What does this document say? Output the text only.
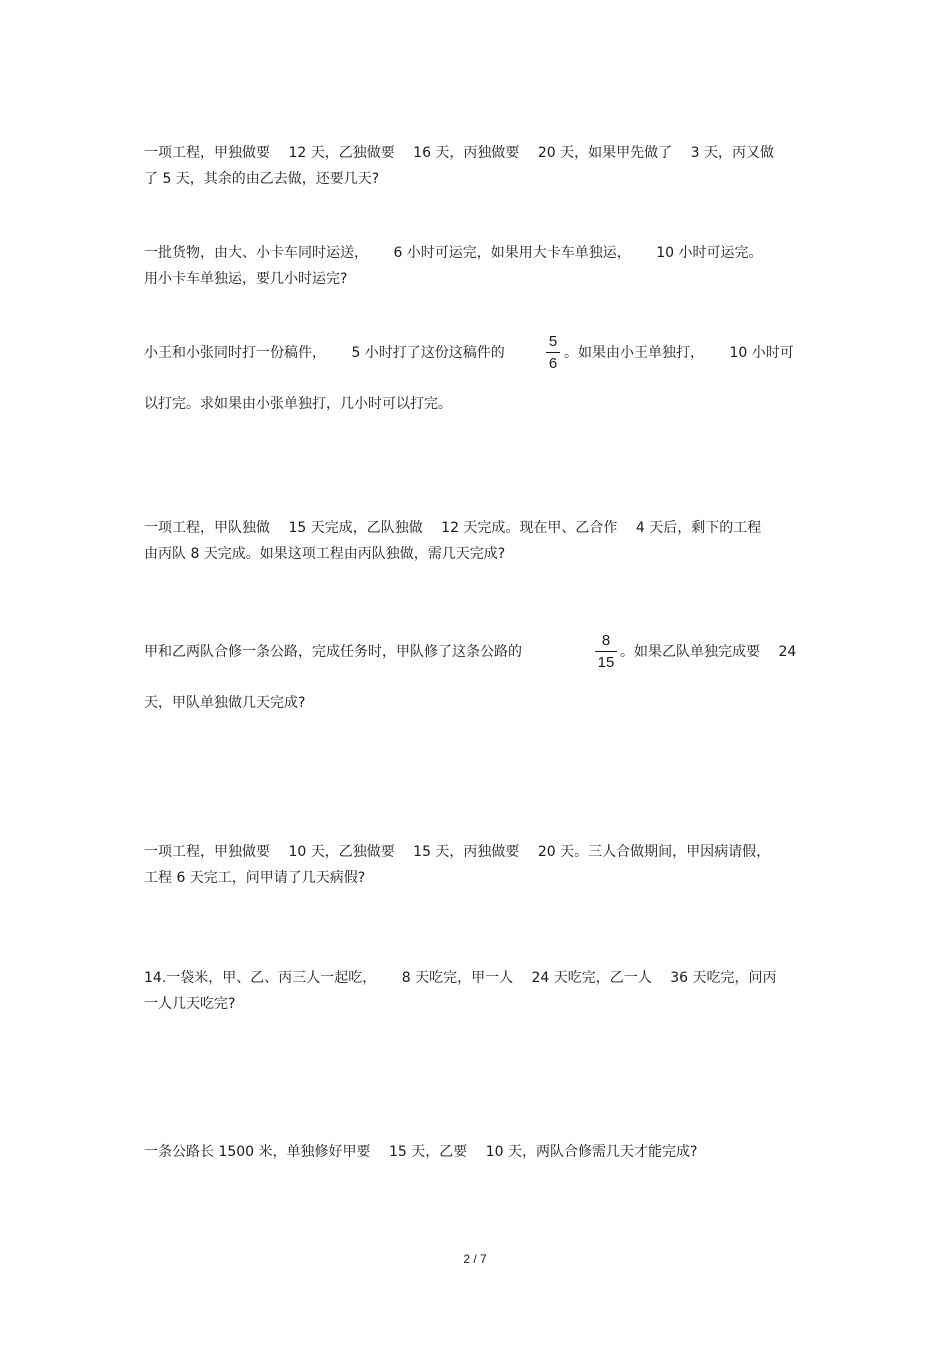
一项工程，甲独做要　 12 天，乙独做要　 16 天，丙独做要　 20 天，如果甲先做了　 3 天，丙又做
了 5 天，其余的由乙去做，还要几天?
一批货物，由大、小卡车同时运送，　　 6 小时可运完，如果用大卡车单独运，　　 10 小时可运完。
用小卡车单独运，要几小时运完?
小王和小张同时打一份稿件，　　 5 小时打了这份这稿件的
5
6
。如果由小王单独打，　　 10 小时可
以打完。求如果由小张单独打，几小时可以打完。
一项工程，甲队独做　 15 天完成，乙队独做　 12 天完成。现在甲、乙合作　 4 天后，剩下的工程
由丙队 8 天完成。如果这项工程由丙队独做，需几天完成?
甲和乙两队合修一条公路，完成任务时，甲队修了这条公路的
8
15
。如果乙队单独完成要　 24
天，甲队单独做几天完成?
一项工程，甲独做要　 10 天，乙独做要　 15 天，丙独做要　 20 天。三人合做期间，甲因病请假，
工程 6 天完工，问甲请了几天病假?
14.一袋米，甲、乙、丙三人一起吃，　　 8 天吃完，甲一人　 24 天吃完，乙一人　 36 天吃完，问丙
一人几天吃完?
一条公路长 1500 米，单独修好甲要　 15 天，乙要　 10 天，两队合修需几天才能完成?
2 / 7
